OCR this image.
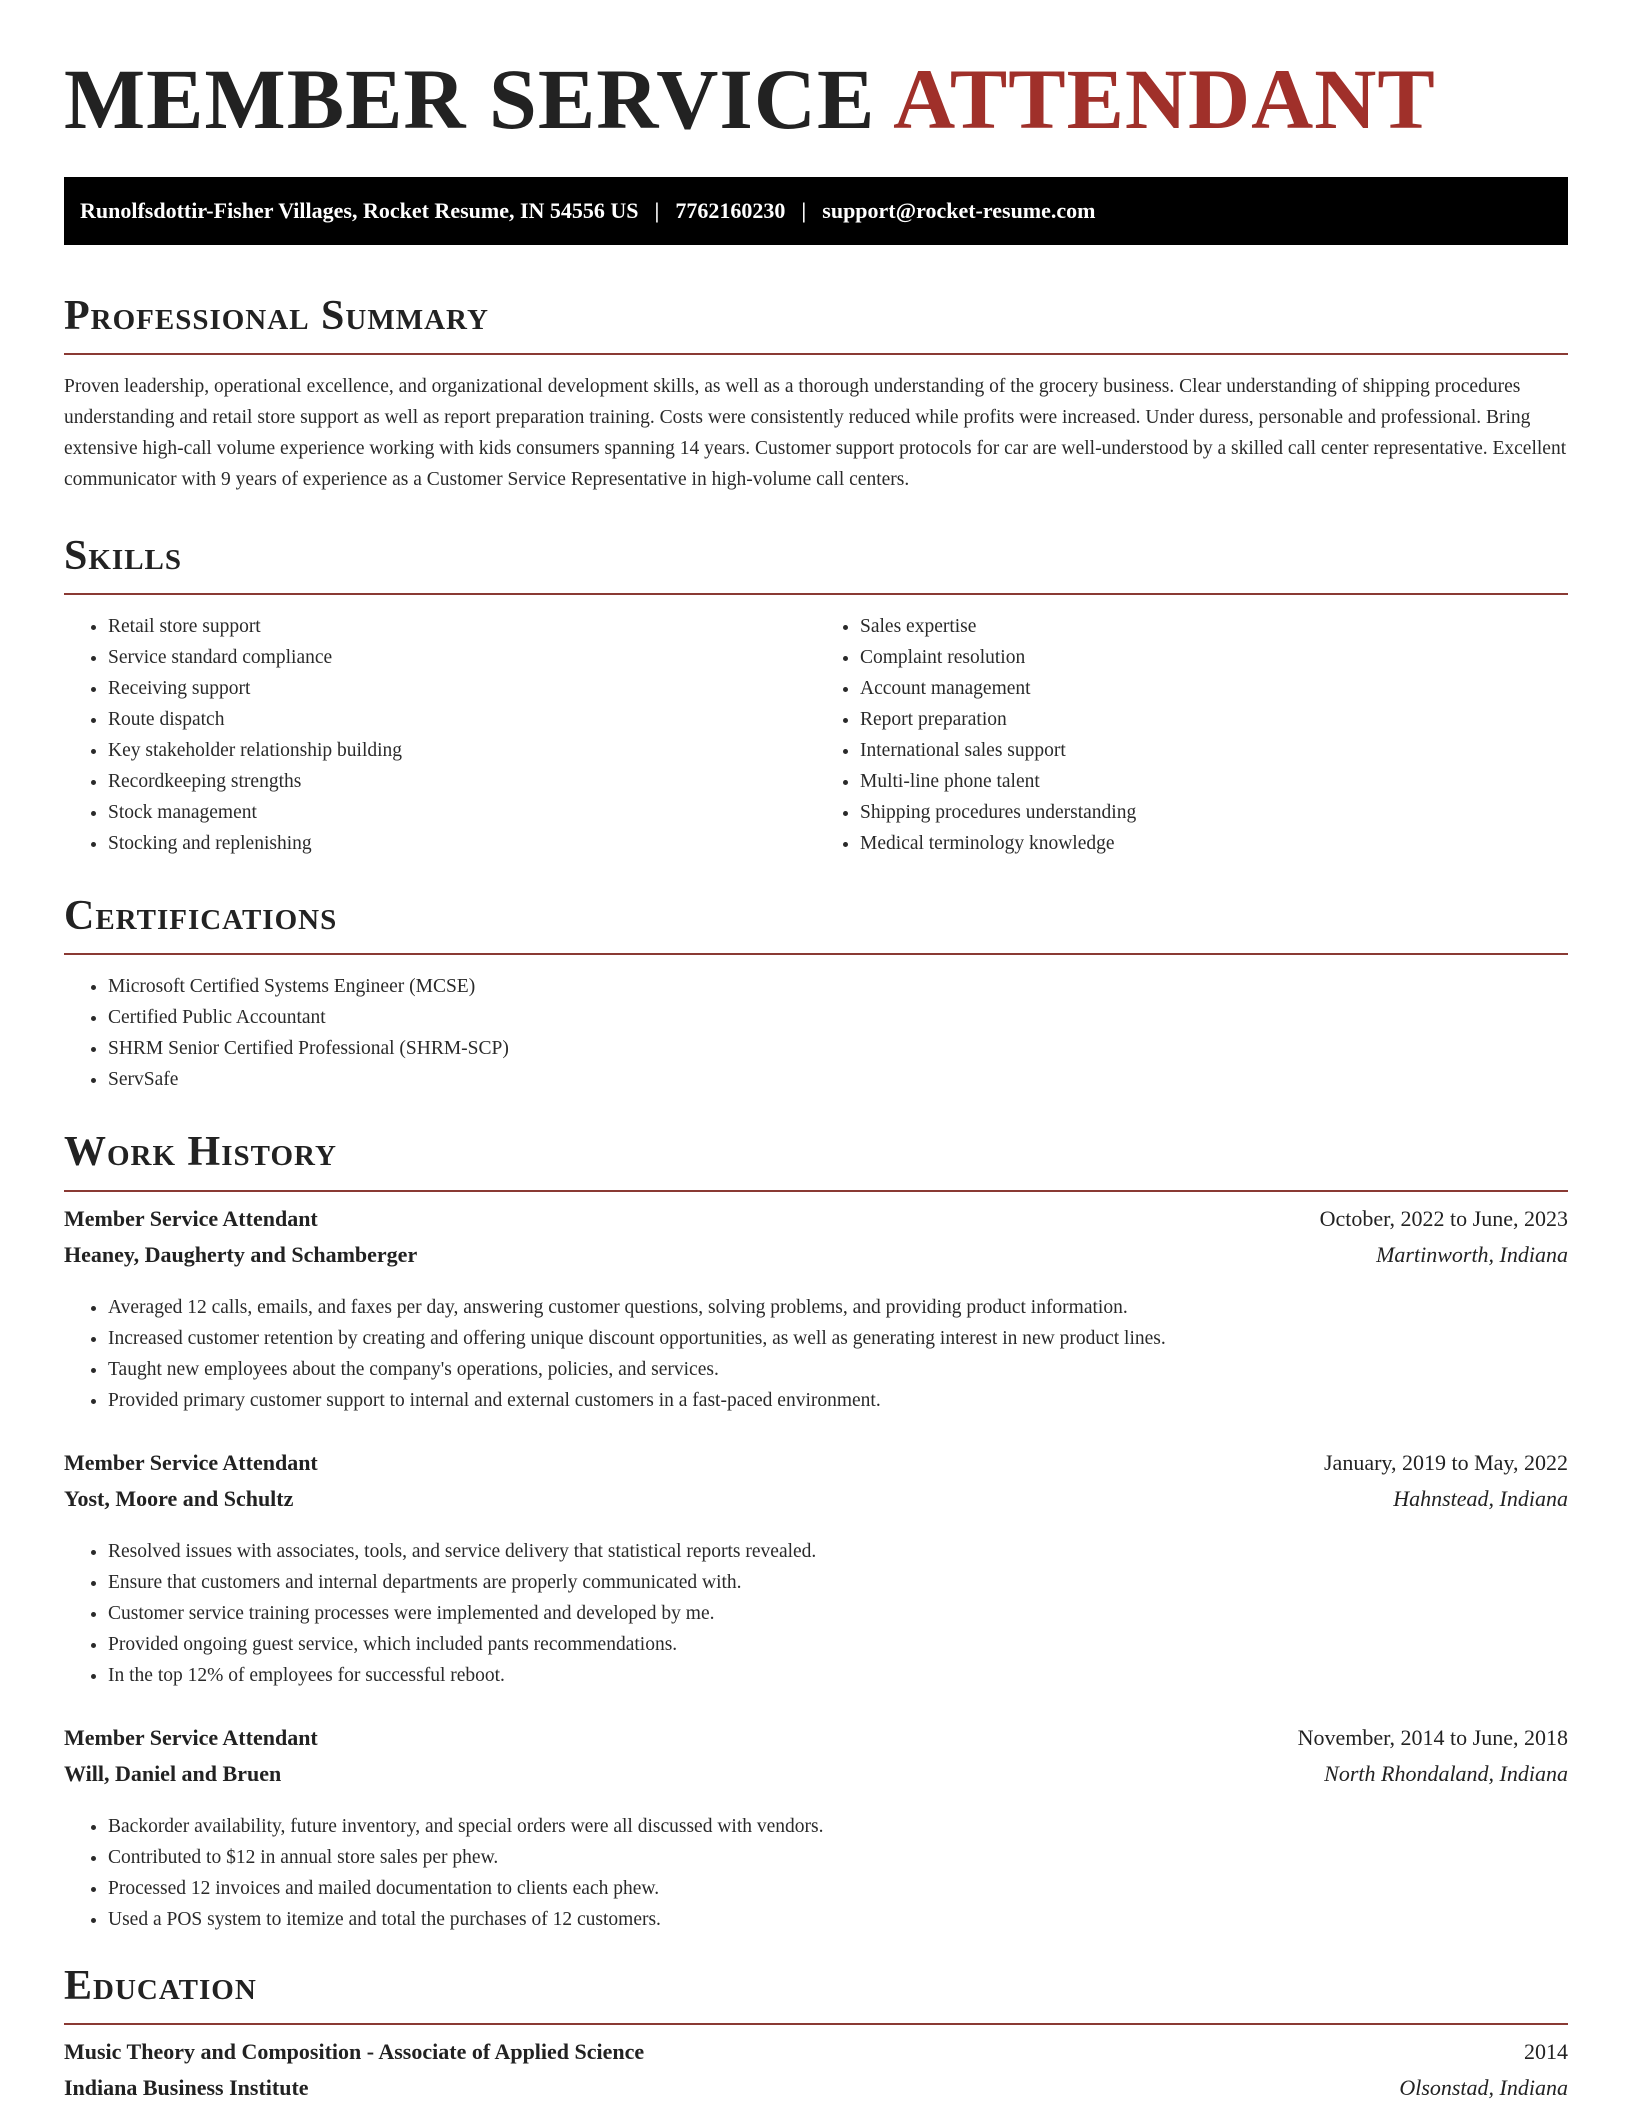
MEMBER SERVICE ATTENDANT
Runolfsdottir-Fisher Villages, Rocket Resume, IN 54556 US | 7762160230 | support@rocket-resume.com
Professional Summary

Proven leadership, operational excellence, and organizational development skills, as well as a thorough understanding of the grocery business. Clear understanding of shipping procedures understanding and retail store support as well as report preparation training. Costs were consistently reduced while profits were increased. Under duress, personable and professional. Bring extensive high-call volume experience working with kids consumers spanning 14 years. Customer support protocols for car are well-understood by a skilled call center representative. Excellent communicator with 9 years of experience as a Customer Service Representative in high-volume call centers.

Skills
• Retail store support
• Service standard compliance
• Receiving support
• Route dispatch
• Key stakeholder relationship building
• Recordkeeping strengths
• Stock management
• Stocking and replenishing
• Sales expertise
• Complaint resolution
• Account management
• Report preparation
• International sales support
• Multi-line phone talent
• Shipping procedures understanding
• Medical terminology knowledge
Certifications
• Microsoft Certified Systems Engineer (MCSE)
• Certified Public Accountant
• SHRM Senior Certified Professional (SHRM-SCP)
• ServSafe
Work History
Member Service Attendant	October, 2022 to June, 2023
Heaney, Daugherty and Schamberger	Martinworth, Indiana
• Averaged 12 calls, emails, and faxes per day, answering customer questions, solving problems, and providing product information.
• Increased customer retention by creating and offering unique discount opportunities, as well as generating interest in new product lines.
• Taught new employees about the company's operations, policies, and services.
• Provided primary customer support to internal and external customers in a fast-paced environment.
Member Service Attendant	January, 2019 to May, 2022
Yost, Moore and Schultz	Hahnstead, Indiana
• Resolved issues with associates, tools, and service delivery that statistical reports revealed.
• Ensure that customers and internal departments are properly communicated with.
• Customer service training processes were implemented and developed by me.
• Provided ongoing guest service, which included pants recommendations.
• In the top 12% of employees for successful reboot.
Member Service Attendant	November, 2014 to June, 2018
Will, Daniel and Bruen	North Rhondaland, Indiana
• Backorder availability, future inventory, and special orders were all discussed with vendors.
• Contributed to $12 in annual store sales per phew.
• Processed 12 invoices and mailed documentation to clients each phew.
• Used a POS system to itemize and total the purchases of 12 customers.
Education
Music Theory and Composition - Associate of Applied Science	2014
Indiana Business Institute	Olsonstad, Indiana
